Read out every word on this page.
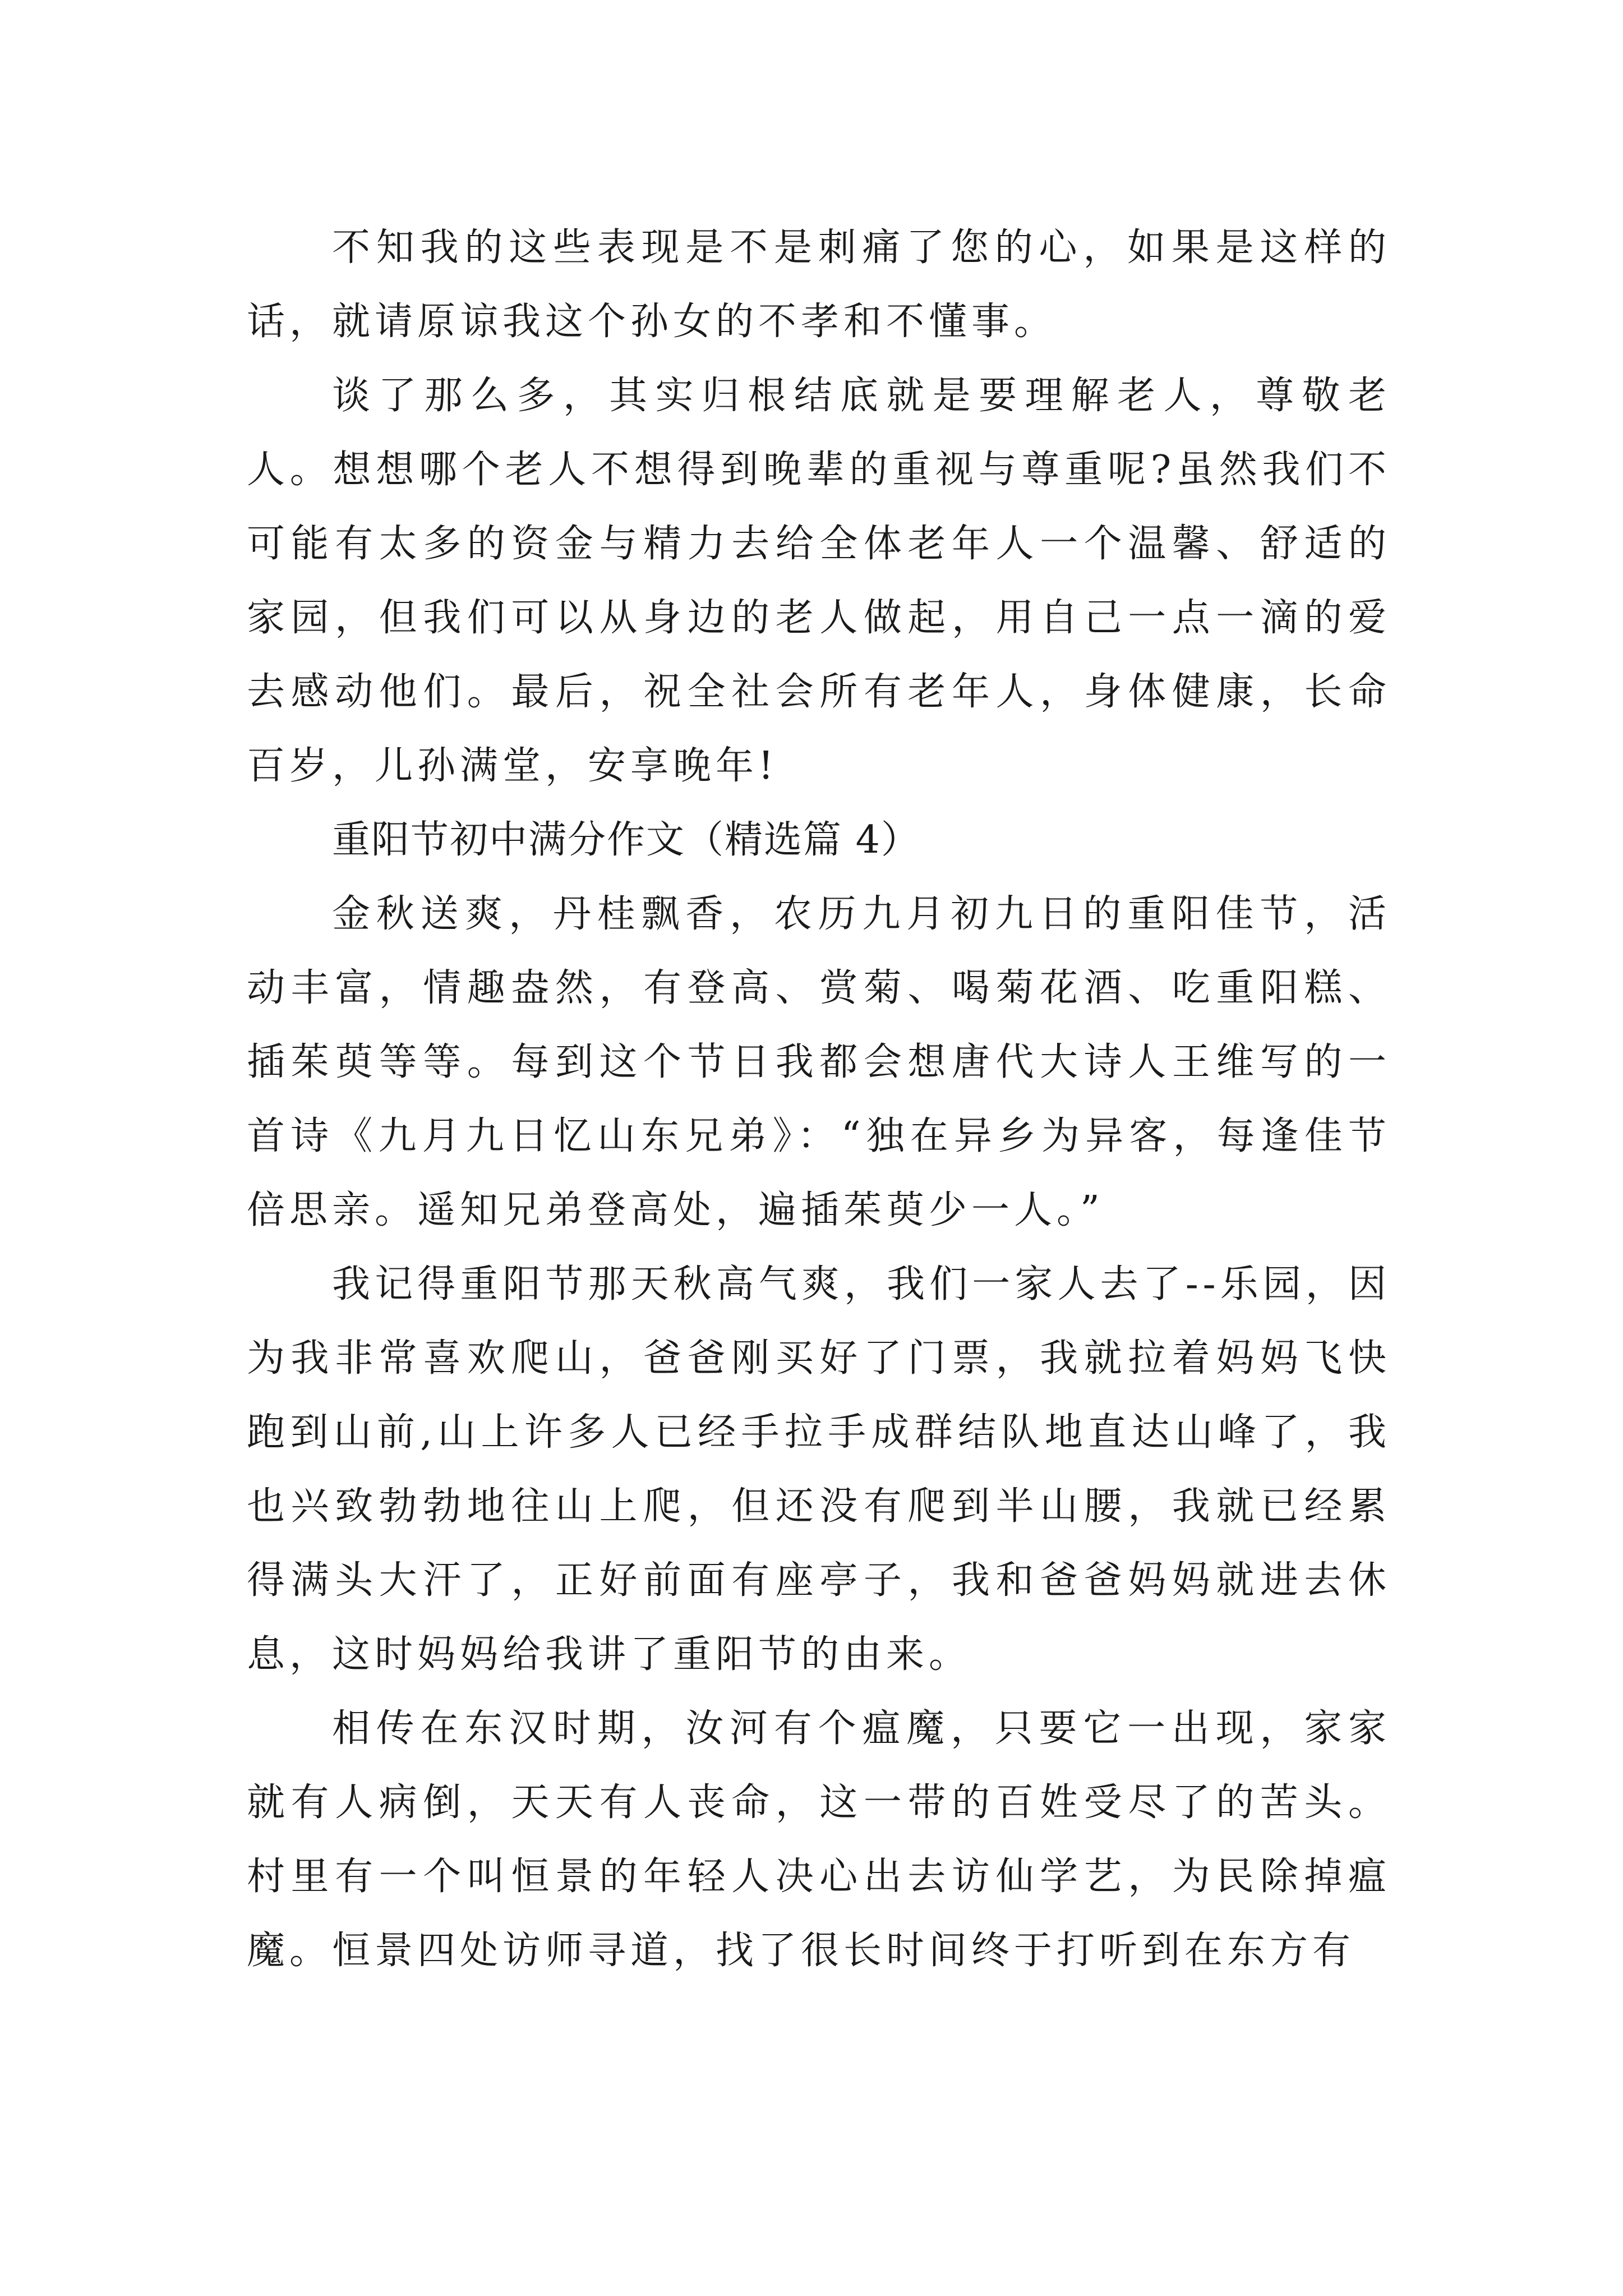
不知我的这些表现是不是刺痛了您的心，如果是这样的话，就请原谅我这个孙女的不孝和不懂事。

谈了那么多，其实归根结底就是要理解老人，尊敬老人。想想哪个老人不想得到晚辈的重视与尊重呢?虽然我们不可能有太多的资金与精力去给全体老年人一个温馨、舒适的家园，但我们可以从身边的老人做起，用自己一点一滴的爱去感动他们。最后，祝全社会所有老年人，身体健康，长命百岁，儿孙满堂，安享晚年!

重阳节初中满分作文（精选篇 4）

金秋送爽，丹桂飘香，农历九月初九日的重阳佳节，活动丰富，情趣盎然，有登高、赏菊、喝菊花酒、吃重阳糕、插茱萸等等。每到这个节日我都会想唐代大诗人王维写的一首诗《九月九日忆山东兄弟》：“独在异乡为异客，每逢佳节倍思亲。遥知兄弟登高处，遍插茱萸少一人。”

我记得重阳节那天秋高气爽，我们一家人去了--乐园，因为我非常喜欢爬山，爸爸刚买好了门票，我就拉着妈妈飞快跑到山前,山上许多人已经手拉手成群结队地直达山峰了，我也兴致勃勃地往山上爬，但还没有爬到半山腰，我就已经累得满头大汗了，正好前面有座亭子，我和爸爸妈妈就进去休息，这时妈妈给我讲了重阳节的由来。

相传在东汉时期，汝河有个瘟魔，只要它一出现，家家就有人病倒，天天有人丧命，这一带的百姓受尽了的苦头。村里有一个叫恒景的年轻人决心出去访仙学艺，为民除掉瘟魔。恒景四处访师寻道，找了很长时间终于打听到在东方有
